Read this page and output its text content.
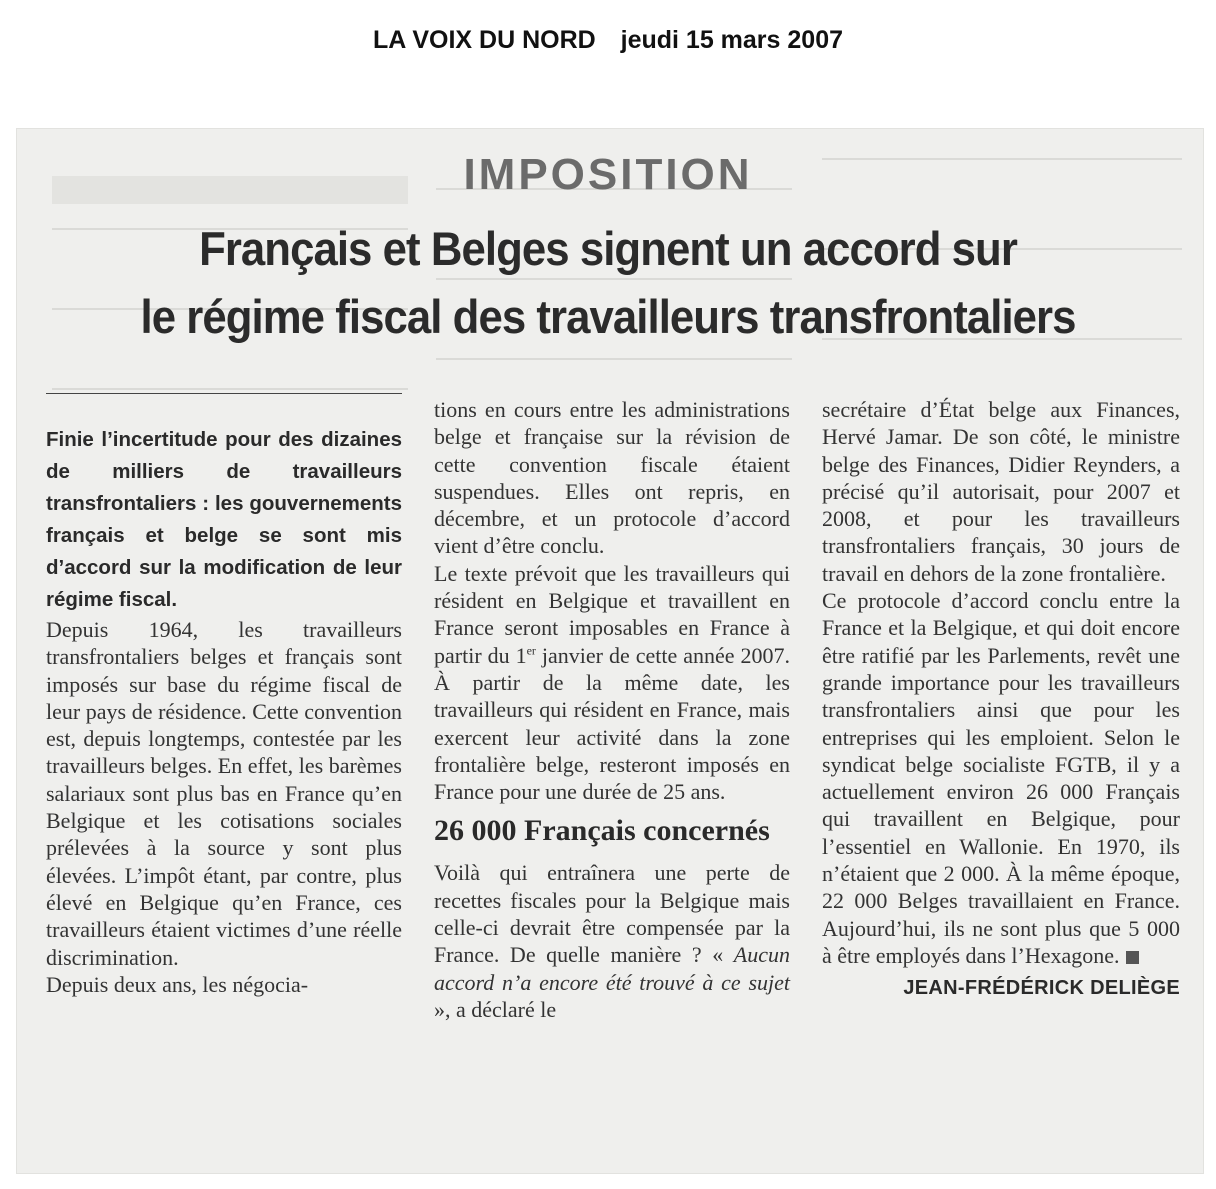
LA VOIX DU NORD jeudi 15 mars 2007
IMPOSITION
Français et Belges signent un accord sur
le régime fiscal des travailleurs transfrontaliers

Finie l’incertitude pour des dizaines de milliers de travailleurs transfrontaliers : les gouvernements français et belge se sont mis d’accord sur la modification de leur régime fiscal.

Depuis 1964, les travailleurs transfrontaliers belges et français sont imposés sur base du régime fiscal de leur pays de résidence. Cette convention est, depuis longtemps, contestée par les travailleurs belges. En effet, les barèmes salariaux sont plus bas en France qu’en Belgique et les cotisations sociales prélevées à la source y sont plus élevées. L’impôt étant, par contre, plus élevé en Belgique qu’en France, ces travailleurs étaient victimes d’une réelle discrimination.

Depuis deux ans, les négocia-

tions en cours entre les administrations belge et française sur la révision de cette convention fiscale étaient suspendues. Elles ont repris, en décembre, et un protocole d’accord vient d’être conclu.

Le texte prévoit que les travailleurs qui résident en Belgique et travaillent en France seront imposables en France à partir du 1er janvier de cette année 2007. À partir de la même date, les travailleurs qui résident en France, mais exercent leur activité dans la zone frontalière belge, resteront imposés en France pour une durée de 25 ans.

26 000 Français concernés

Voilà qui entraînera une perte de recettes fiscales pour la Belgique mais celle-ci devrait être compensée par la France. De quelle manière ? « Aucun accord n’a encore été trouvé à ce sujet », a déclaré le

secrétaire d’État belge aux Finances, Hervé Jamar. De son côté, le ministre belge des Finances, Didier Reynders, a précisé qu’il autorisait, pour 2007 et 2008, et pour les travailleurs transfrontaliers français, 30 jours de travail en dehors de la zone frontalière.

Ce protocole d’accord conclu entre la France et la Belgique, et qui doit encore être ratifié par les Parlements, revêt une grande importance pour les travailleurs transfrontaliers ainsi que pour les entreprises qui les emploient. Selon le syndicat belge socialiste FGTB, il y a actuellement environ 26 000 Français qui travaillent en Belgique, pour l’essentiel en Wallonie. En 1970, ils n’étaient que 2 000. À la même époque, 22 000 Belges travaillaient en France. Aujourd’hui, ils ne sont plus que 5 000 à être employés dans l’Hexagone.

JEAN-FRÉDÉRICK DELIÈGE
